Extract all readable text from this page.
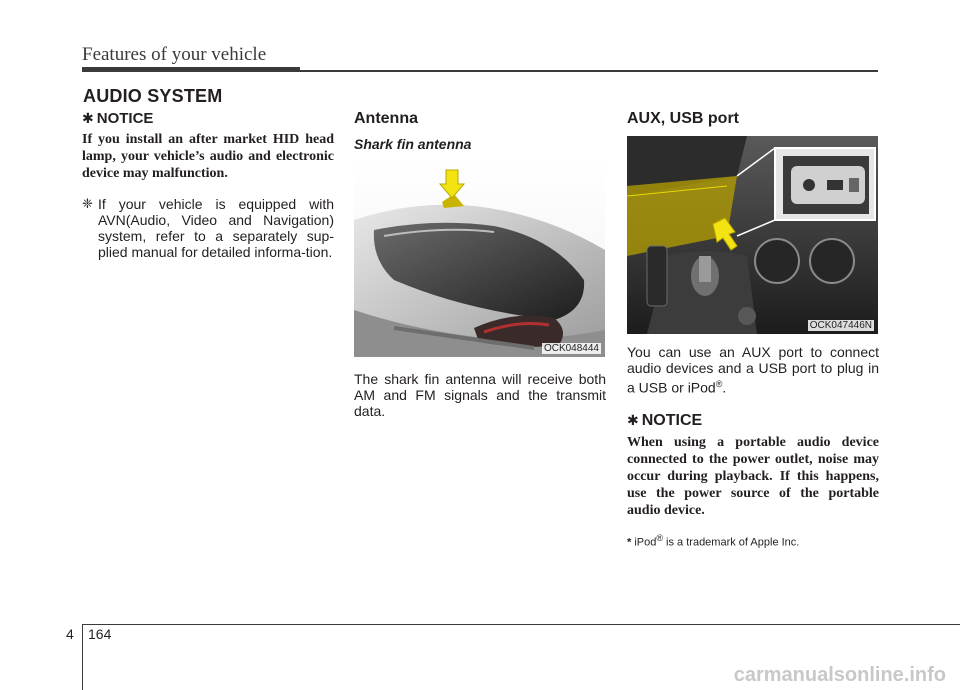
Features of your vehicle
AUDIO SYSTEM
✱ NOTICE

If you install an after market HID head lamp, your vehicle’s audio and electronic device may malfunction.

❈ If your vehicle is equipped with AVN(Audio, Video and Navigation) system, refer to a separately sup-plied manual for detailed informa-tion.
Antenna
Shark fin antenna
OCK048444

The shark fin antenna will receive both AM and FM signals and the transmit data.

AUX, USB port
OCK047446N

You can use an AUX port to connect audio devices and a USB port to plug in a USB or iPod®.

✱ NOTICE

When using a portable audio device connected to the power outlet, noise may occur during playback. If this happens, use the power source of the portable audio device.

* iPod® is a trademark of Apple Inc.

4 164
carmanualsonline.info
